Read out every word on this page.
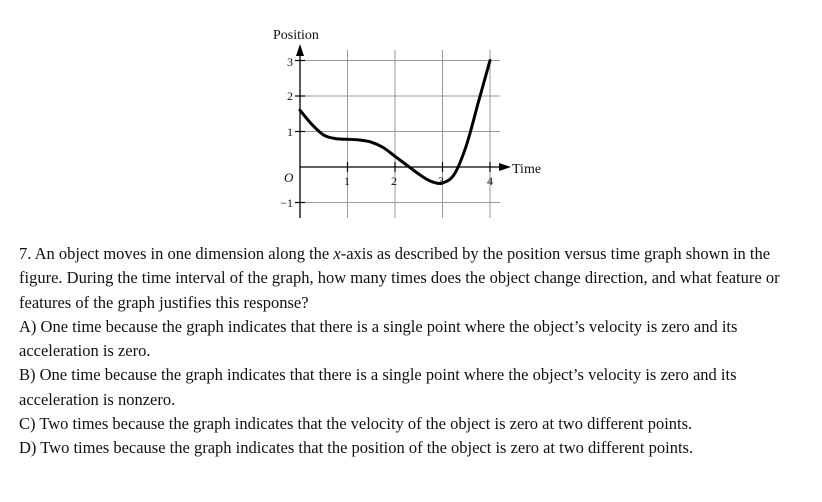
Position
Time
O
3
2
1
−1
1	2	3	4

7. An object moves in one dimension along the x-axis as described by the position versus time graph shown in the figure. During the time interval of the graph, how many times does the object change direction, and what feature or features of the graph justifies this response?

A) One time because the graph indicates that there is a single point where the object’s velocity is zero and its acceleration is zero.

B) One time because the graph indicates that there is a single point where the object’s velocity is zero and its acceleration is nonzero.

C) Two times because the graph indicates that the velocity of the object is zero at two different points.

D) Two times because the graph indicates that the position of the object is zero at two different points.
